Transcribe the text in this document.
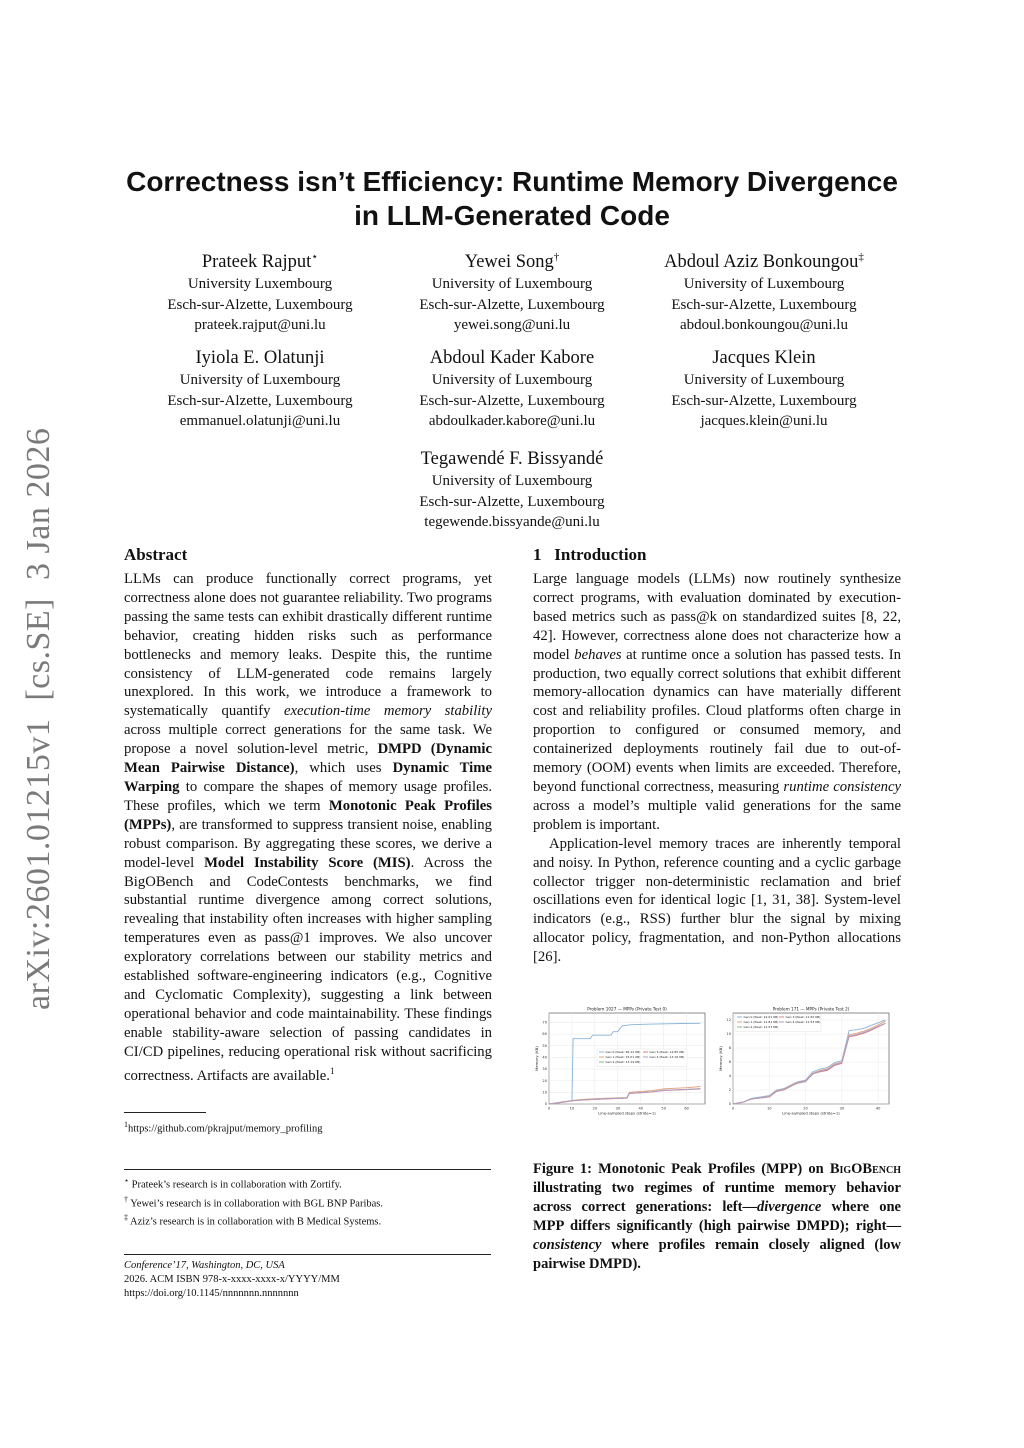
arXiv:2601.01215v1  [cs.SE]  3 Jan 2026
Correctness isn’t Efficiency: Runtime Memory Divergence
in LLM-Generated Code
Prateek Rajput⋆
University Luxembourg
Esch-sur-Alzette, Luxembourg
prateek.rajput@uni.lu
Yewei Song†
University of Luxembourg
Esch-sur-Alzette, Luxembourg
yewei.song@uni.lu
Abdoul Aziz Bonkoungou‡
University of Luxembourg
Esch-sur-Alzette, Luxembourg
abdoul.bonkoungou@uni.lu
Iyiola E. Olatunji
University of Luxembourg
Esch-sur-Alzette, Luxembourg
emmanuel.olatunji@uni.lu
Abdoul Kader Kabore
University of Luxembourg
Esch-sur-Alzette, Luxembourg
abdoulkader.kabore@uni.lu
Jacques Klein
University of Luxembourg
Esch-sur-Alzette, Luxembourg
jacques.klein@uni.lu
Tegawendé F. Bissyandé
University of Luxembourg
Esch-sur-Alzette, Luxembourg
tegewende.bissyande@uni.lu
Abstract

LLMs can produce functionally correct programs, yet correctness alone does not guarantee reliability. Two programs passing the same tests can exhibit drastically different runtime behavior, creating hidden risks such as performance bottlenecks and memory leaks. Despite this, the runtime consistency of LLM-generated code remains largely unexplored. In this work, we introduce a framework to systematically quantify execution-time memory stability across multiple correct generations for the same task. We propose a novel solution-level metric, DMPD (Dynamic Mean Pairwise Distance), which uses Dynamic Time Warping to compare the shapes of memory usage profiles. These profiles, which we term Monotonic Peak Profiles (MPPs), are transformed to suppress transient noise, enabling robust comparison. By aggregating these scores, we derive a model-level Model Instability Score (MIS). Across the BigOBench and CodeContests benchmarks, we find substantial runtime divergence among correct solutions, revealing that instability often increases with higher sampling temperatures even as pass@1 improves. We also uncover exploratory correlations between our stability metrics and established software-engineering indicators (e.g., Cognitive and Cyclomatic Complexity), suggesting a link between operational behavior and code maintainability. These findings enable stability-aware selection of passing candidates in CI/CD pipelines, reducing operational risk without sacrificing correctness. Artifacts are available.$^1$

$^1$https://github.com/pkrajput/memory_profiling
⋆ Prateek’s research is in collaboration with Zortify.
† Yewei’s research is in collaboration with BGL BNP Paribas.
‡ Aziz’s research is in collaboration with B Medical Systems.
Conference’17, Washington, DC, USA
2026. ACM ISBN 978-x-xxxx-xxxx-x/YYYY/MM
https://doi.org/10.1145/nnnnnnn.nnnnnnn
1 Introduction

Large language models (LLMs) now routinely synthesize correct programs, with evaluation dominated by execution-based metrics such as pass@k on standardized suites [8, 22, 42]. However, correctness alone does not characterize how a model behaves at runtime once a solution has passed tests. In production, two equally correct solutions that exhibit different memory-allocation dynamics can have materially different cost and reliability profiles. Cloud platforms often charge in proportion to configured or consumed memory, and containerized deployments routinely fail due to out-of-memory (OOM) events when limits are exceeded. Therefore, beyond functional correctness, measuring runtime consistency across a model’s multiple valid generations for the same problem is important.

Application-level memory traces are inherently temporal and noisy. In Python, reference counting and a cyclic garbage collector trigger non-deterministic reclamation and brief oscillations even for identical logic [1, 31, 38]. System-level indicators (e.g., RSS) further blur the signal by mixing allocator policy, fragmentation, and non-Python allocations [26].

0	10	20	30	40	50	60
0
10
20
30
40
50
60
70
Problem 1027 — MPPs (Private Test 0)
Line-sampled steps (stride=1)
Memory (KB)	Gen 0 (Peak: 69.12 KB)
Gen 1 (Peak: 15.01 KB)
Gen 2 (Peak: 13.19 KB)
Gen 3 (Peak: 12.85 KB)
Gen 4 (Peak: 13.16 KB)
0	10	20	30	40
0
2
4
6
8
10
12
Problem 171 — MPPs (Private Test 2)
Line-sampled steps (stride=1)
Memory (KB)
Gen 0 (Peak: 12.01 KB)
Gen 1 (Peak: 11.81 KB)
Gen 2 (Peak: 11.53 KB)
Gen 3 (Peak: 11.50 KB)
Gen 4 (Peak: 11.53 KB)
Figure 1: Monotonic Peak Profiles (MPP) on BigOBench illustrating two regimes of runtime memory behavior across correct generations: left—divergence where one MPP differs significantly (high pairwise DMPD); right—consistency where profiles remain closely aligned (low pairwise DMPD).
